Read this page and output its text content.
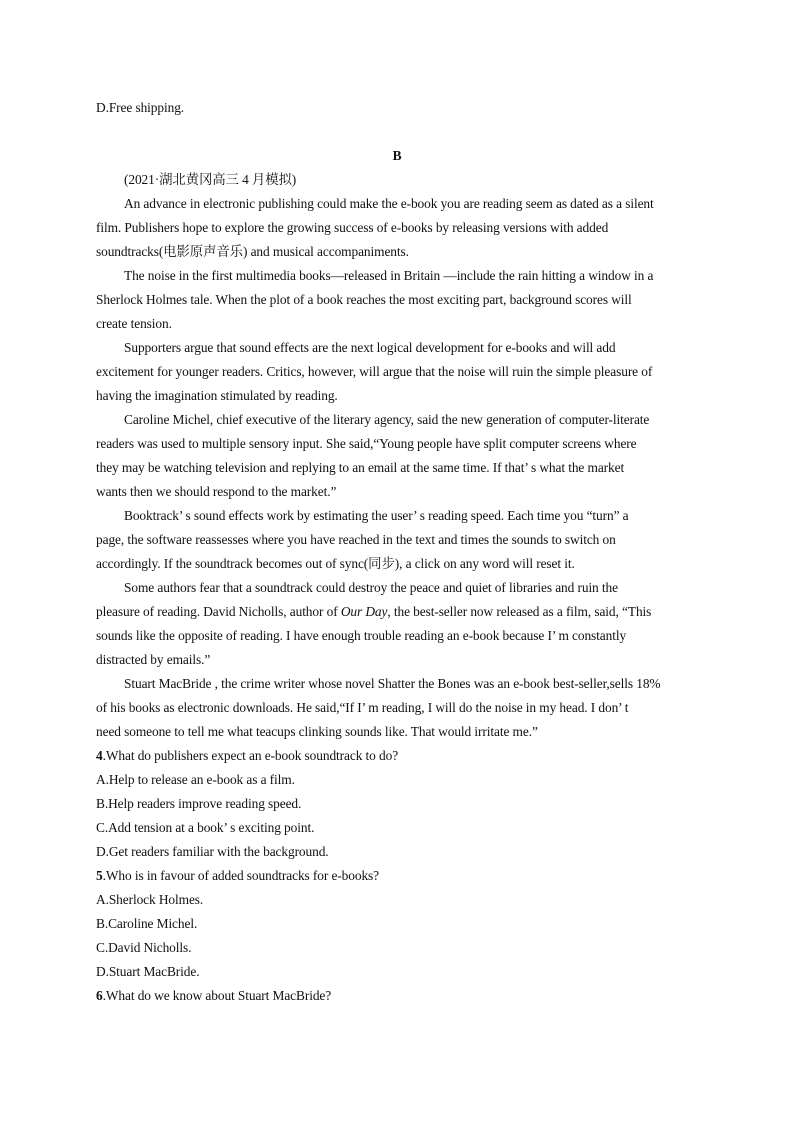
D.Free shipping.
B
(2021·湖北黄冈高三 4 月模拟)
An advance in electronic publishing could make the e-book you are reading seem as dated as a silent
film. Publishers hope to explore the growing success of e-books by releasing versions with added
soundtracks(电影原声音乐) and musical accompaniments.
The noise in the first multimedia books—released in Britain —include the rain hitting a window in a
Sherlock Holmes tale. When the plot of a book reaches the most exciting part, background scores will
create tension.
Supporters argue that sound effects are the next logical development for e-books and will add
excitement for younger readers. Critics, however, will argue that the noise will ruin the simple pleasure of
having the imagination stimulated by reading.
Caroline Michel, chief executive of the literary agency, said the new generation of computer-literate
readers was used to multiple sensory input. She said,“Young people have split computer screens where
they may be watching television and replying to an email at the same time. If that’ s what the market
wants then we should respond to the market.”
Booktrack’ s sound effects work by estimating the user’ s reading speed. Each time you “turn” a
page, the software reassesses where you have reached in the text and times the sounds to switch on
accordingly. If the soundtrack becomes out of sync(同步), a click on any word will reset it.
Some authors fear that a soundtrack could destroy the peace and quiet of libraries and ruin the
pleasure of reading. David Nicholls, author of Our Day, the best-seller now released as a film, said, “This
sounds like the opposite of reading. I have enough trouble reading an e-book because I’ m constantly
distracted by emails.”
Stuart MacBride , the crime writer whose novel Shatter the Bones was an e-book best-seller,sells 18%
of his books as electronic downloads. He said,“If I’ m reading, I will do the noise in my head. I don’ t
need someone to tell me what teacups clinking sounds like. That would irritate me.”
4.What do publishers expect an e-book soundtrack to do?
A.Help to release an e-book as a film.
B.Help readers improve reading speed.
C.Add tension at a book’ s exciting point.
D.Get readers familiar with the background.
5.Who is in favour of added soundtracks for e-books?
A.Sherlock Holmes.
B.Caroline Michel.
C.David Nicholls.
D.Stuart MacBride.
6.What do we know about Stuart MacBride?
